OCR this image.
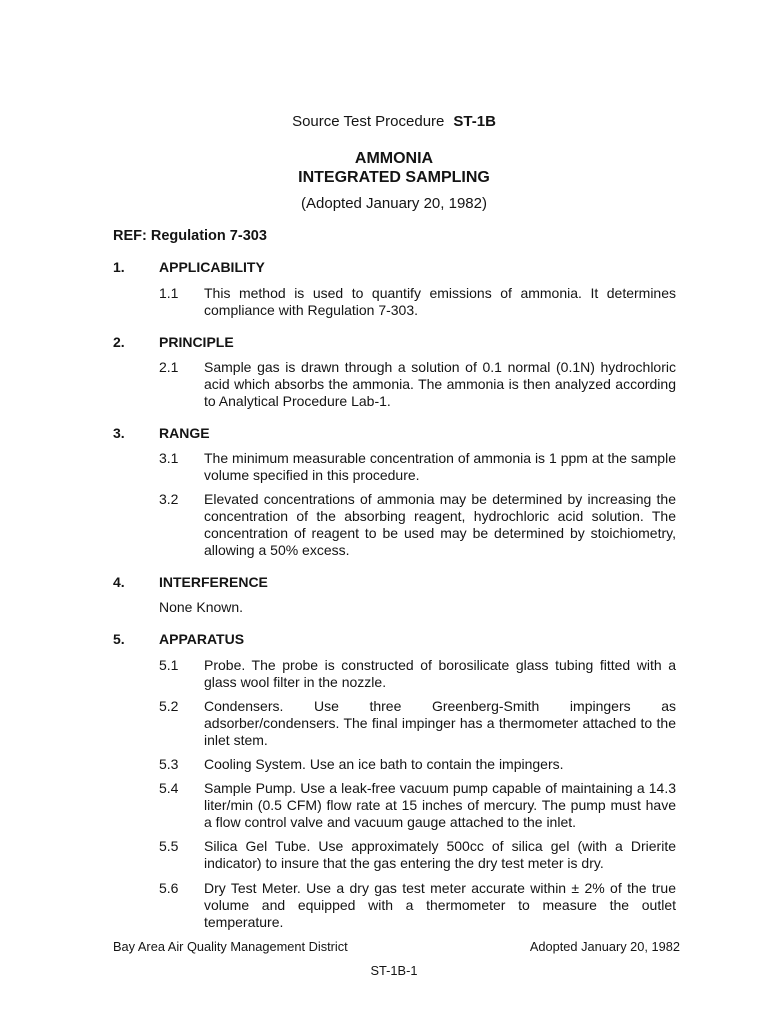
Source Test Procedure ST-1B
AMMONIA
INTEGRATED SAMPLING
(Adopted January 20, 1982)
REF: Regulation 7-303
1. APPLICABILITY
1.1	This method is used to quantify emissions of ammonia. It determines
compliance with Regulation 7-303.
2. PRINCIPLE
2.1	Sample gas is drawn through a solution of 0.1 normal (0.1N) hydrochloric
acid which absorbs the ammonia. The ammonia is then analyzed according
to Analytical Procedure Lab-1.
3. RANGE
3.1	The minimum measurable concentration of ammonia is 1 ppm at the sample
volume specified in this procedure.
3.2	Elevated concentrations of ammonia may be determined by increasing the
concentration of the absorbing reagent, hydrochloric acid solution. The
concentration of reagent to be used may be determined by stoichiometry,
allowing a 50% excess.
4. INTERFERENCE
None Known.
5. APPARATUS
5.1	Probe. The probe is constructed of borosilicate glass tubing fitted with a
glass wool filter in the nozzle.
5.2	Condensers. Use three Greenberg-Smith impingers as
adsorber/condensers. The final impinger has a thermometer attached to the
inlet stem.
5.3	Cooling System. Use an ice bath to contain the impingers.
5.4	Sample Pump. Use a leak-free vacuum pump capable of maintaining a 14.3
liter/min (0.5 CFM) flow rate at 15 inches of mercury. The pump must have
a flow control valve and vacuum gauge attached to the inlet.
5.5	Silica Gel Tube. Use approximately 500cc of silica gel (with a Drierite
indicator) to insure that the gas entering the dry test meter is dry.
5.6	Dry Test Meter. Use a dry gas test meter accurate within ± 2% of the true
volume and equipped with a thermometer to measure the outlet
temperature.
Bay Area Air Quality Management District	Adopted January 20, 1982
ST-1B-1
